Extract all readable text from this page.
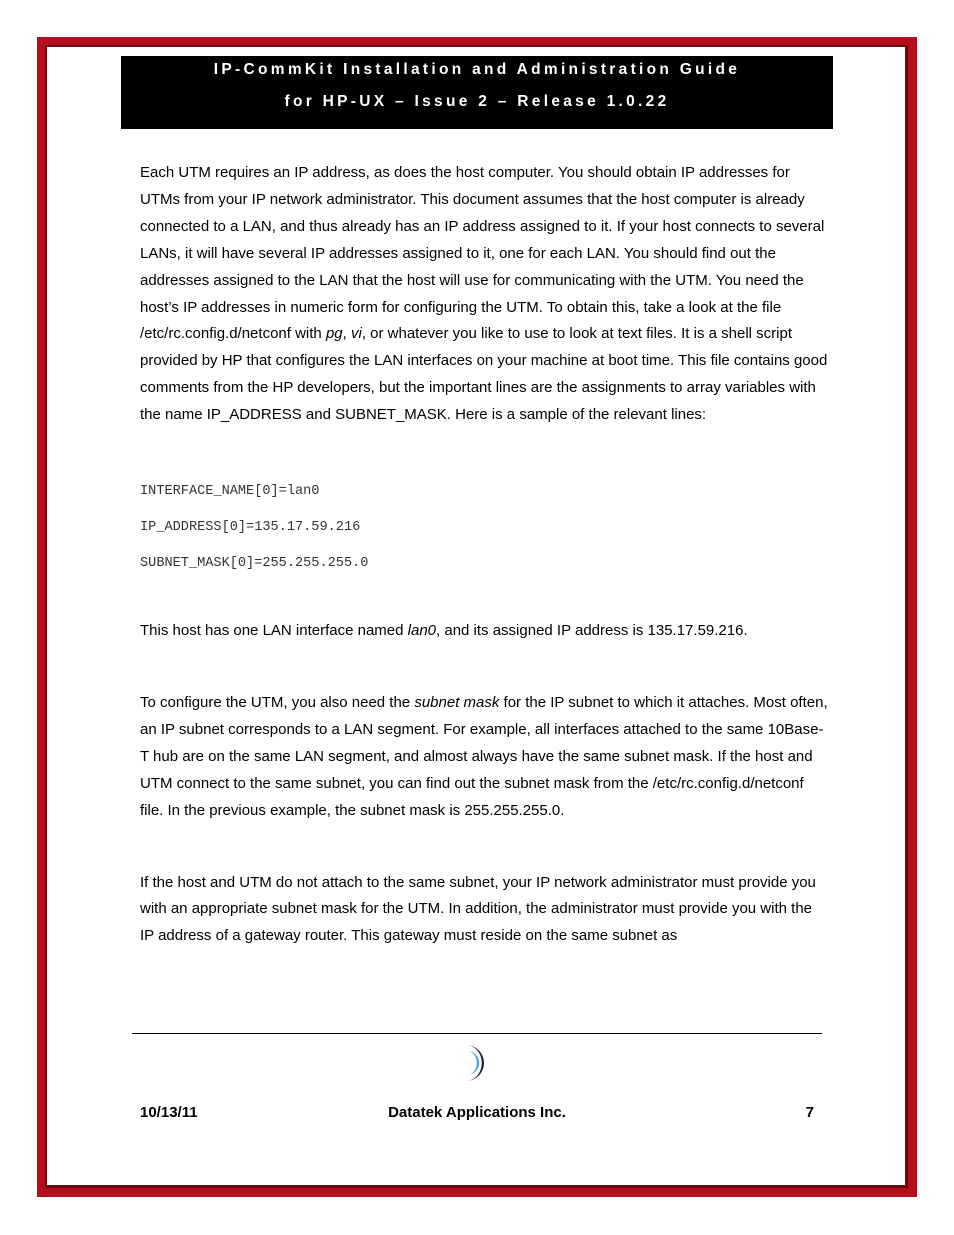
IP-CommKit Installation and Administration Guide
for HP-UX – Issue 2 – Release 1.0.22

Each UTM requires an IP address, as does the host computer. You should obtain IP addresses for UTMs from your IP network administrator. This document assumes that the host computer is already connected to a LAN, and thus already has an IP address assigned to it. If your host connects to several LANs, it will have several IP addresses assigned to it, one for each LAN. You should find out the addresses assigned to the LAN that the host will use for communicating with the UTM. You need the host’s IP addresses in numeric form for configuring the UTM. To obtain this, take a look at the file /etc/rc.config.d/netconf with pg, vi, or whatever you like to use to look at text files. It is a shell script provided by HP that configures the LAN interfaces on your machine at boot time. This file contains good comments from the HP developers, but the important lines are the assignments to array variables with the name IP_ADDRESS and SUBNET_MASK. Here is a sample of the relevant lines:

INTERFACE_NAME[0]=lan0
IP_ADDRESS[0]=135.17.59.216
SUBNET_MASK[0]=255.255.255.0

This host has one LAN interface named lan0, and its assigned IP address is 135.17.59.216.

To configure the UTM, you also need the subnet mask for the IP subnet to which it attaches. Most often, an IP subnet corresponds to a LAN segment. For example, all interfaces attached to the same 10Base-T hub are on the same LAN segment, and almost always have the same subnet mask. If the host and UTM connect to the same subnet, you can find out the subnet mask from the /etc/rc.config.d/netconf file. In the previous example, the subnet mask is 255.255.255.0.

If the host and UTM do not attach to the same subnet, your IP network administrator must provide you with an appropriate subnet mask for the UTM. In addition, the administrator must provide you with the IP address of a gateway router. This gateway must reside on the same subnet as

10/13/11	Datatek Applications Inc.	7
